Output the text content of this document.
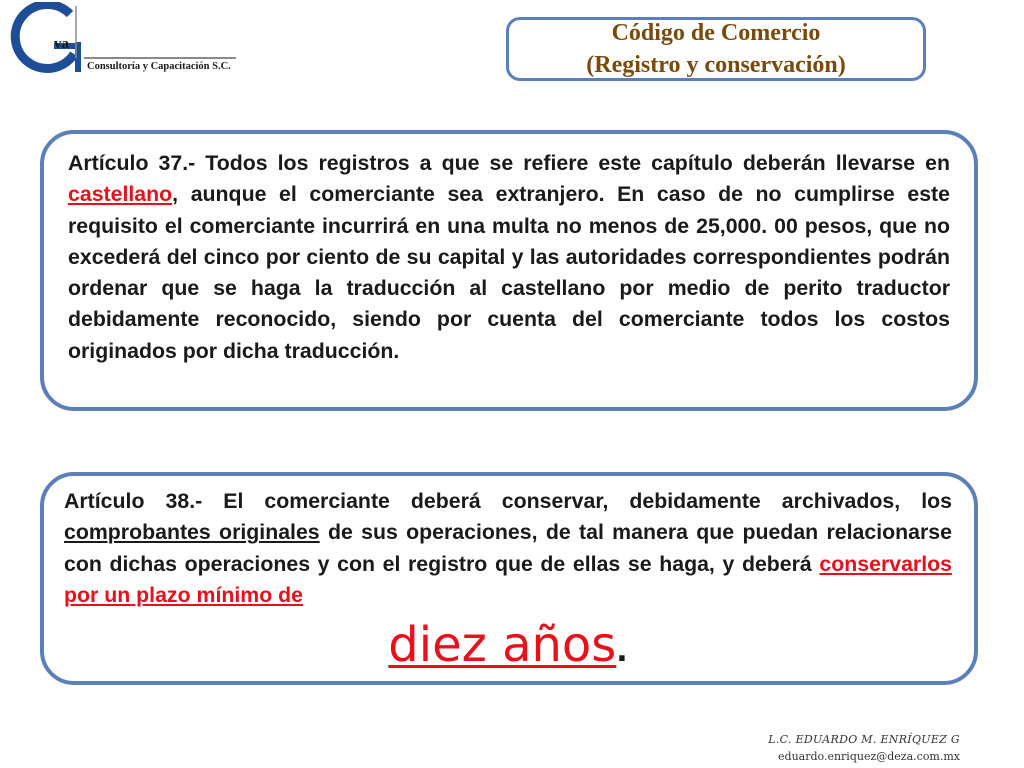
va
Consultoría y Capacitación S.C.
Código de Comercio
(Registro y conservación)

Artículo 37.- Todos los registros a que se refiere este capítulo deberán llevarse en castellano, aunque el comerciante sea extranjero. En caso de no cumplirse este requisito el comerciante incurrirá en una multa no menos de 25,000. 00 pesos, que no excederá del cinco por ciento de su capital y las autoridades correspondientes podrán ordenar que se haga la traducción al castellano por medio de perito traductor debidamente reconocido, siendo por cuenta del comerciante todos los costos originados por dicha traducción.

Artículo 38.- El comerciante deberá conservar, debidamente archivados, los comprobantes originales de sus operaciones, de tal manera que puedan relacionarse con dichas operaciones y con el registro que de ellas se haga, y deberá conservarlos por un plazo mínimo de

diez años.
L.C. EDUARDO M. ENRÍQUEZ G
eduardo.enriquez@deza.com.mx
